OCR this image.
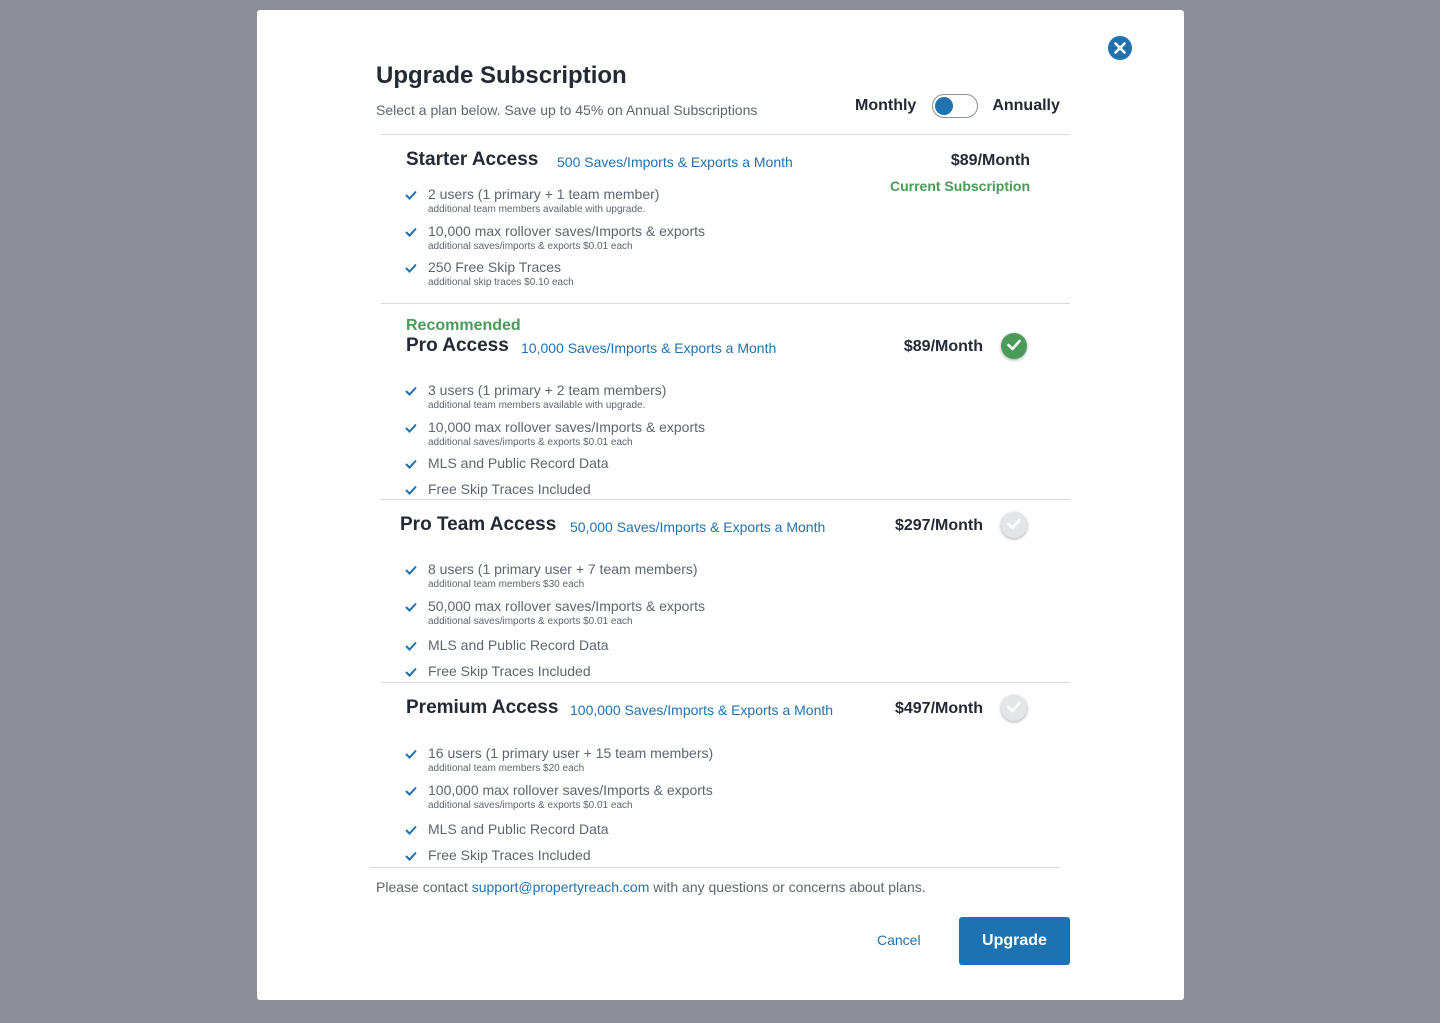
Upgrade Subscription
Select a plan below. Save up to 45% on Annual Subscriptions	Monthly	Annually
Starter Access 500 Saves/Imports & Exports a Month	$89/Month
Current Subscription
2 users (1 primary + 1 team member)
additional team members available with upgrade.
10,000 max rollover saves/Imports & exports
additional saves/imports & exports $0.01 each
250 Free Skip Traces
additional skip traces $0.10 each
Recommended
Pro Access 10,000 Saves/Imports & Exports a Month	$89/Month
3 users (1 primary + 2 team members)
additional team members available with upgrade.
10,000 max rollover saves/Imports & exports
additional saves/imports & exports $0.01 each
MLS and Public Record Data
Free Skip Traces Included
Pro Team Access 50,000 Saves/Imports & Exports a Month	$297/Month
8 users (1 primary user + 7 team members)
additional team members $30 each
50,000 max rollover saves/Imports & exports
additional saves/imports & exports $0.01 each
MLS and Public Record Data
Free Skip Traces Included
Premium Access 100,000 Saves/Imports & Exports a Month	$497/Month
16 users (1 primary user + 15 team members)
additional team members $20 each
100,000 max rollover saves/Imports & exports
additional saves/imports & exports $0.01 each
MLS and Public Record Data
Free Skip Traces Included
Please contact support@propertyreach.com with any questions or concerns about plans.
Cancel	Upgrade
